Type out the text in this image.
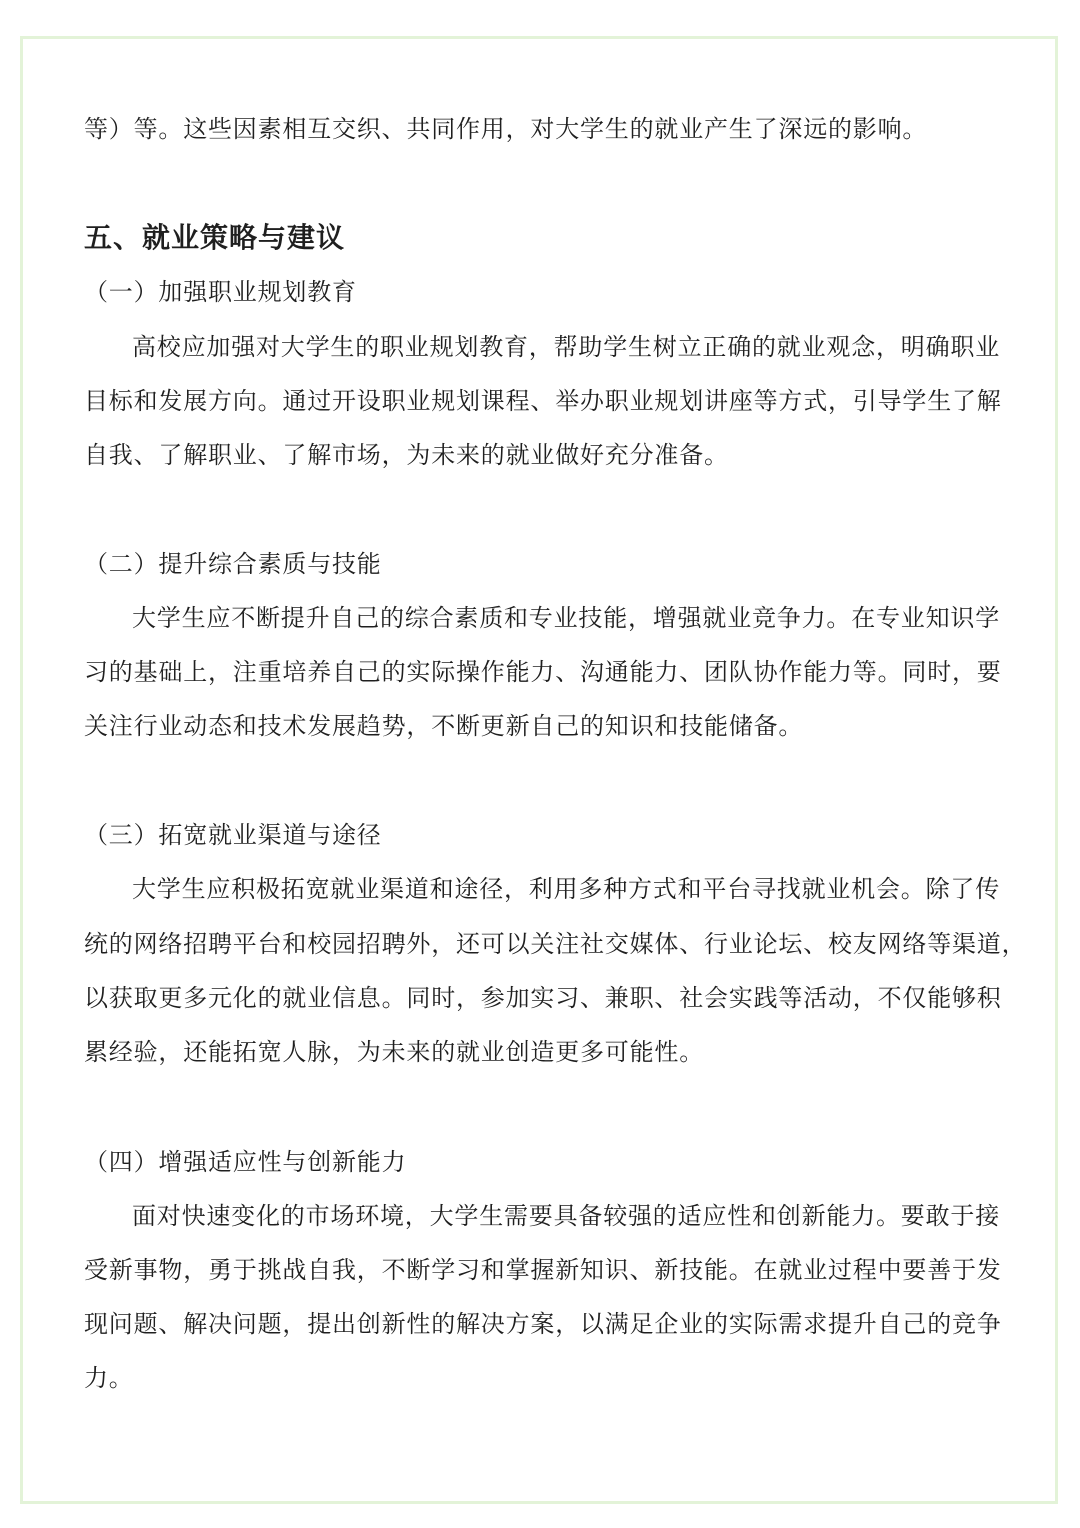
等）等。这些因素相互交织、共同作用，对大学生的就业产生了深远的影响。
五、就业策略与建议
（一）加强职业规划教育
高校应加强对大学生的职业规划教育，帮助学生树立正确的就业观念，明确职业
目标和发展方向。通过开设职业规划课程、举办职业规划讲座等方式，引导学生了解
自我、了解职业、了解市场，为未来的就业做好充分准备。
（二）提升综合素质与技能
大学生应不断提升自己的综合素质和专业技能，增强就业竞争力。在专业知识学
习的基础上，注重培养自己的实际操作能力、沟通能力、团队协作能力等。同时，要
关注行业动态和技术发展趋势，不断更新自己的知识和技能储备。
（三）拓宽就业渠道与途径
大学生应积极拓宽就业渠道和途径，利用多种方式和平台寻找就业机会。除了传
统的网络招聘平台和校园招聘外，还可以关注社交媒体、行业论坛、校友网络等渠道，
以获取更多元化的就业信息。同时，参加实习、兼职、社会实践等活动，不仅能够积
累经验，还能拓宽人脉，为未来的就业创造更多可能性。
（四）增强适应性与创新能力
面对快速变化的市场环境，大学生需要具备较强的适应性和创新能力。要敢于接
受新事物，勇于挑战自我，不断学习和掌握新知识、新技能。在就业过程中要善于发
现问题、解决问题，提出创新性的解决方案，以满足企业的实际需求提升自己的竞争
力。
